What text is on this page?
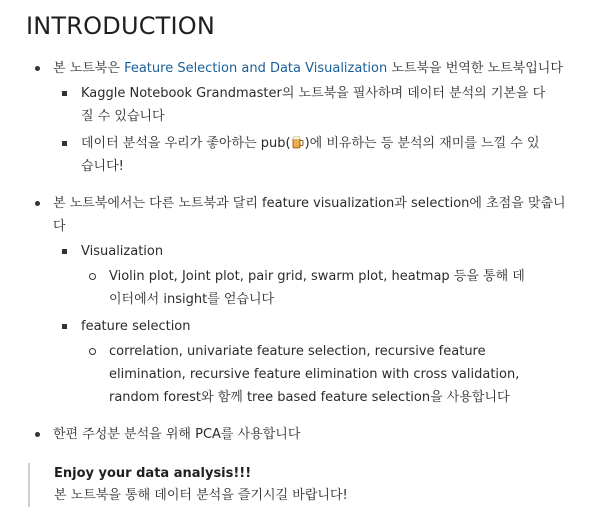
INTRODUCTION
본 노트북은 Feature Selection and Data Visualization 노트북을 번역한 노트북입니다
Kaggle Notebook Grandmaster의 노트북을 필사하며 데이터 분석의 기본을 다질 수 있습니다
데이터 분석을 우리가 좋아하는 pub( )에 비유하는 등 분석의 재미를 느낄 수 있습니다!
본 노트북에서는 다른 노트북과 달리 feature visualization과 selection에 초점을 맞춥니다
Visualization
Violin plot, Joint plot, pair grid, swarm plot, heatmap 등을 통해 데이터에서 insight를 얻습니다
feature selection
correlation, univariate feature selection, recursive feature elimination, recursive feature elimination with cross validation, random forest와 함께 tree based feature selection을 사용합니다
한편 주성분 분석을 위해 PCA를 사용합니다
Enjoy your data analysis!!!
본 노트북을 통해 데이터 분석을 즐기시길 바랍니다!
